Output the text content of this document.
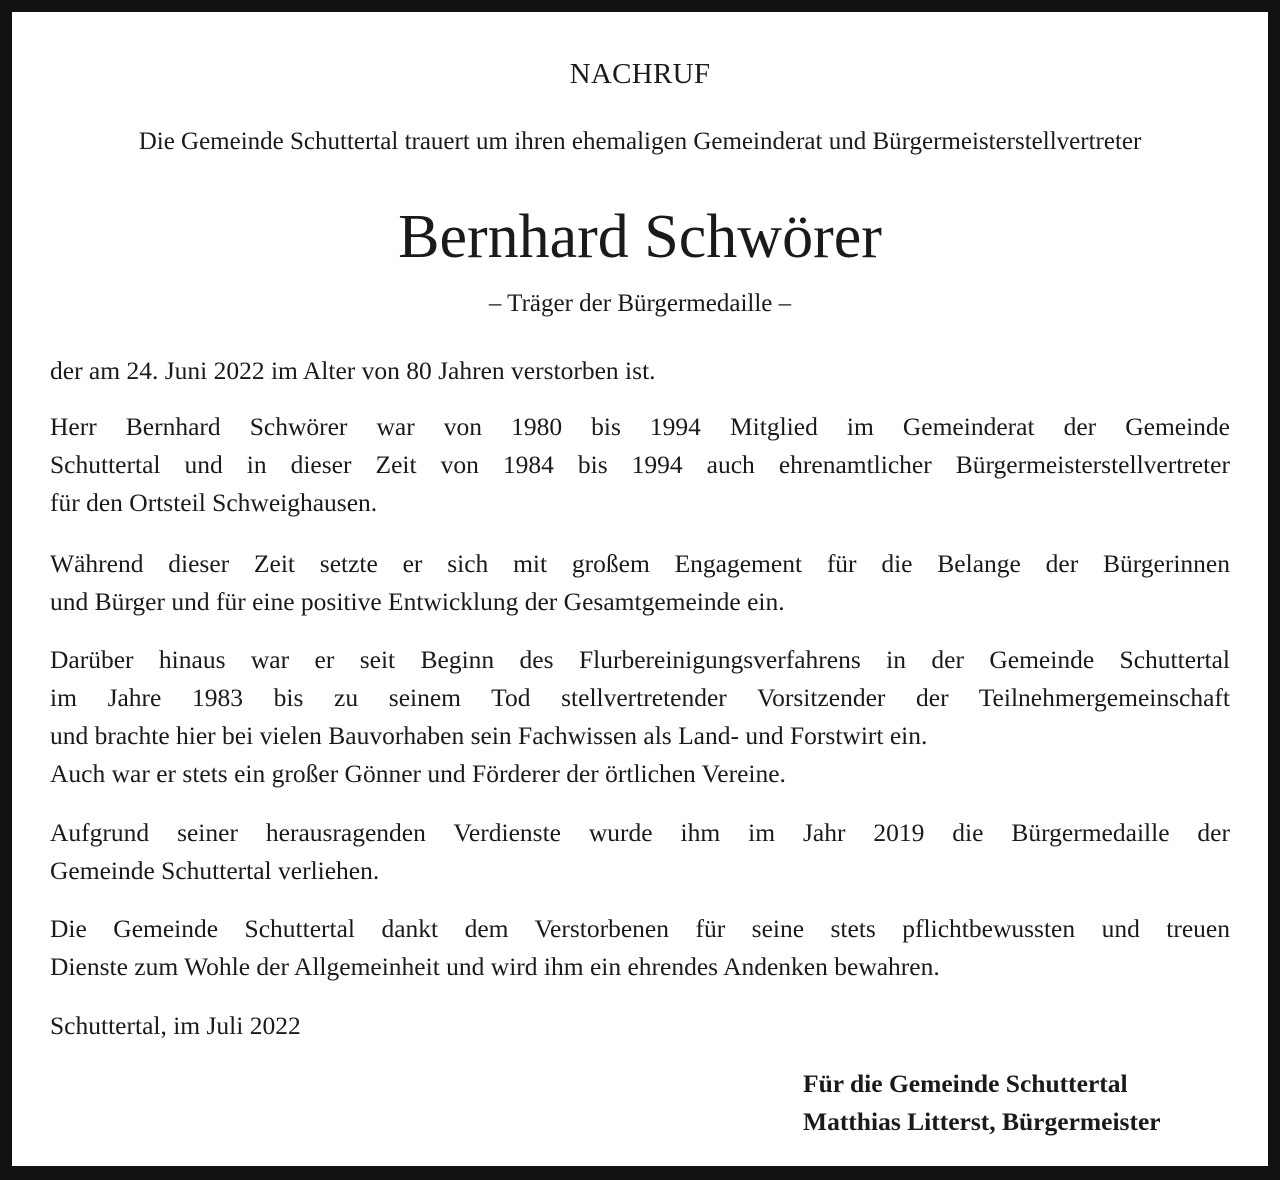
NACHRUF
Die Gemeinde Schuttertal trauert um ihren ehemaligen Gemeinderat und Bürgermeisterstellvertreter
Bernhard Schwörer
– Träger der Bürgermedaille –
der am 24. Juni 2022 im Alter von 80 Jahren verstorben ist.
Herr Bernhard Schwörer war von 1980 bis 1994 Mitglied im Gemeinderat der Gemeinde
Schuttertal und in dieser Zeit von 1984 bis 1994 auch ehrenamtlicher Bürgermeisterstellvertreter
für den Ortsteil Schweighausen.
Während dieser Zeit setzte er sich mit großem Engagement für die Belange der Bürgerinnen
und Bürger und für eine positive Entwicklung der Gesamtgemeinde ein.
Darüber hinaus war er seit Beginn des Flurbereinigungsverfahrens in der Gemeinde Schuttertal
im Jahre 1983 bis zu seinem Tod stellvertretender Vorsitzender der Teilnehmergemeinschaft
und brachte hier bei vielen Bauvorhaben sein Fachwissen als Land- und Forstwirt ein.
Auch war er stets ein großer Gönner und Förderer der örtlichen Vereine.
Aufgrund seiner herausragenden Verdienste wurde ihm im Jahr 2019 die Bürgermedaille der
Gemeinde Schuttertal verliehen.
Die Gemeinde Schuttertal dankt dem Verstorbenen für seine stets pflichtbewussten und treuen
Dienste zum Wohle der Allgemeinheit und wird ihm ein ehrendes Andenken bewahren.
Schuttertal, im Juli 2022
Für die Gemeinde Schuttertal
Matthias Litterst, Bürgermeister
